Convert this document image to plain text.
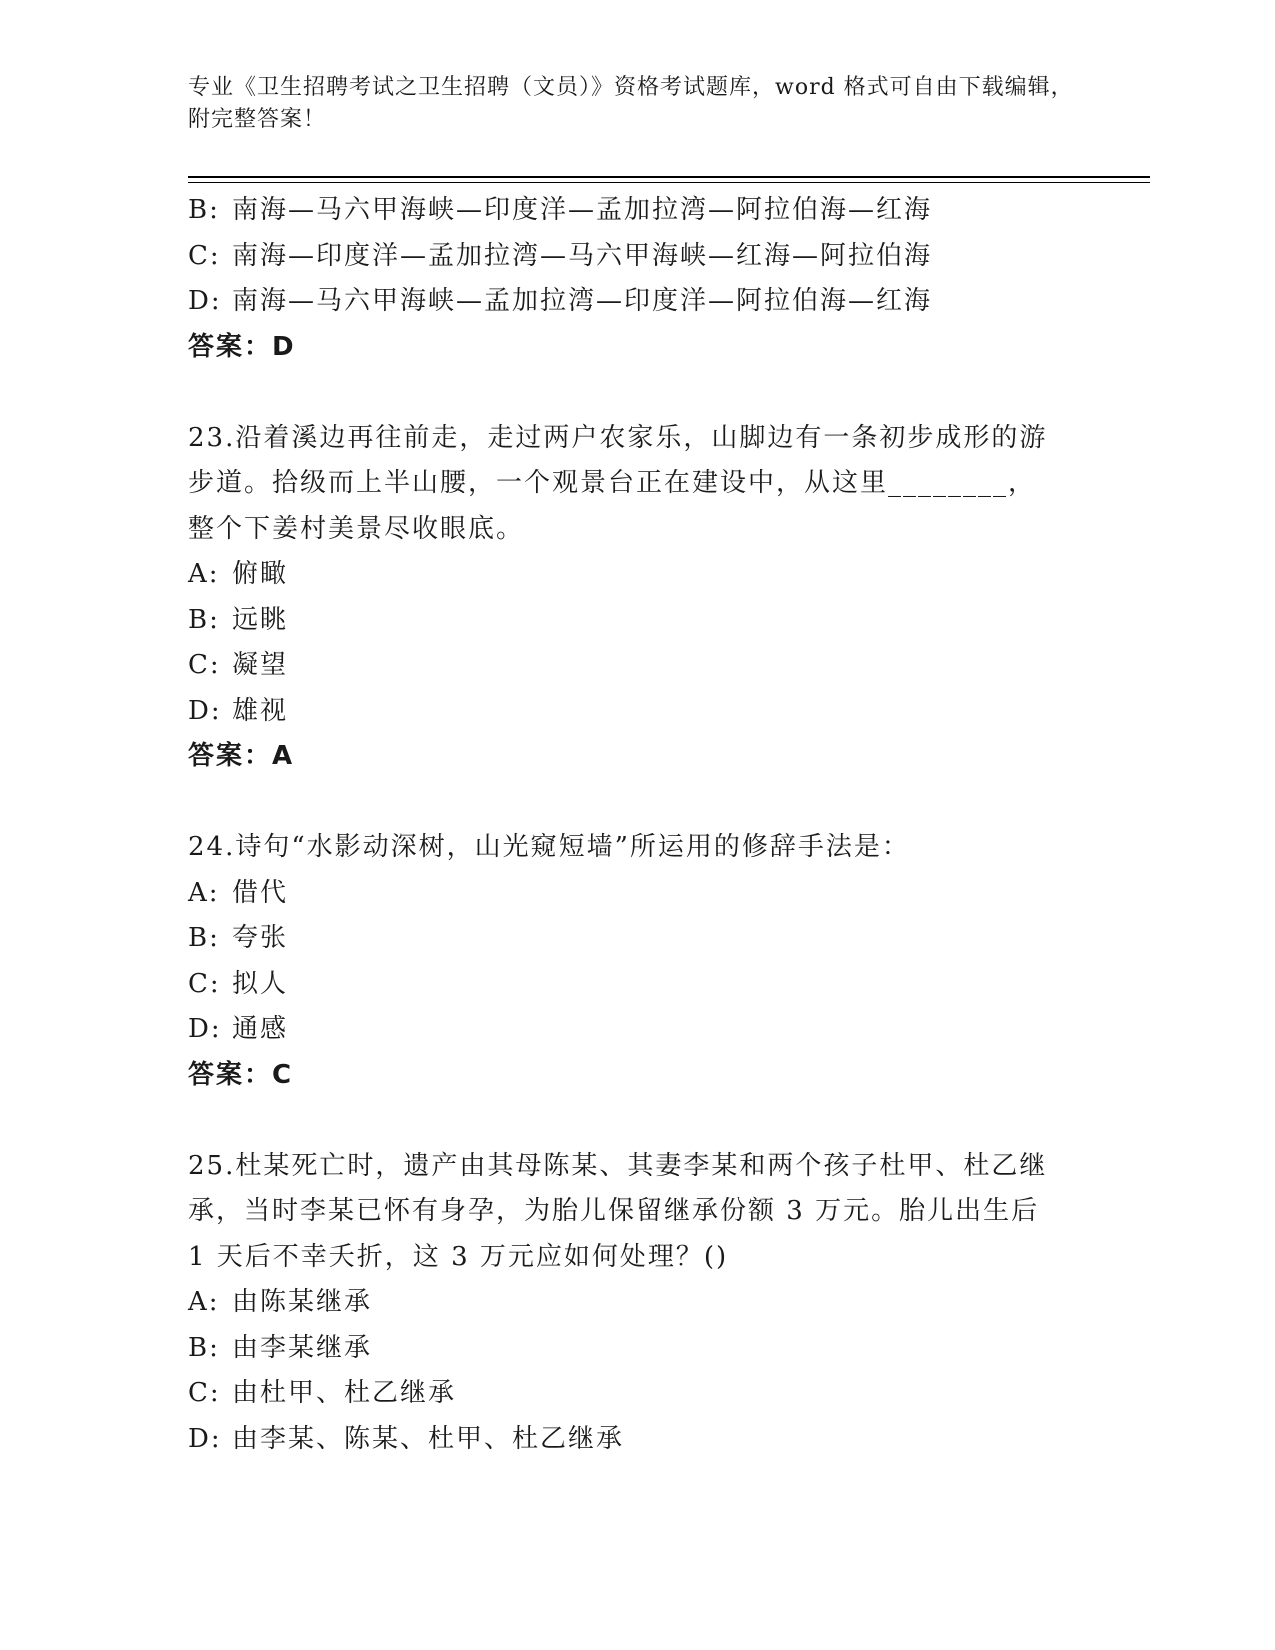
专业《卫生招聘考试之卫生招聘（文员）》资格考试题库，word 格式可自由下载编辑，附完整答案！
B: 南海—马六甲海峡—印度洋—孟加拉湾—阿拉伯海—红海
C: 南海—印度洋—孟加拉湾—马六甲海峡—红海—阿拉伯海
D: 南海—马六甲海峡—孟加拉湾—印度洋—阿拉伯海—红海
答案：D
23.沿着溪边再往前走，走过两户农家乐，山脚边有一条初步成形的游
步道。拾级而上半山腰，一个观景台正在建设中，从这里________，
整个下姜村美景尽收眼底。
A: 俯瞰
B: 远眺
C: 凝望
D: 雄视
答案：A
24.诗句“水影动深树，山光窥短墙”所运用的修辞手法是：
A: 借代
B: 夸张
C: 拟人
D: 通感
答案：C
25.杜某死亡时，遗产由其母陈某、其妻李某和两个孩子杜甲、杜乙继
承，当时李某已怀有身孕，为胎儿保留继承份额 3 万元。胎儿出生后
1 天后不幸夭折，这 3 万元应如何处理？()
A: 由陈某继承
B: 由李某继承
C: 由杜甲、杜乙继承
D: 由李某、陈某、杜甲、杜乙继承
